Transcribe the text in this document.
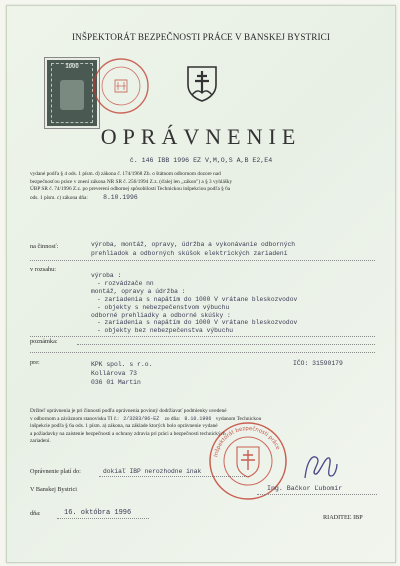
INŠPEKTORÁT BEZPEČNOSTI PRÁCE V BANSKEJ BYSTRICI
1000
OPRÁVNENIE
č. 146 IBB 1996 EZ V,M,O,S A,B E2,E4
vydané podľa § 4 ods. 1 písm. d) zákona č. 174/1968 Zb. o štátnom odbornom dozore nad
bezpečnosťou práce v znení zákona NR SR č. 256/1994 Z.z. (ďalej len „zákon") a § 3 vyhlášky
ÚBP SR č. 74/1996 Z.z. po preverení odbornej spôsobilosti Technickou inšpekciou podľa § 6a
ods. 1 písm. c) zákona dňa: 8.10.1996
na činnosť:	výroba, montáž, opravy, údržba a vykonávanie odborných
prehliadok a odborných skúšok elektrických zariadení
v rozsahu:
výroba :
- rozvádzače nn
montáž, opravy a údržba :
- zariadenia s napätím do 1000 V vrátane bleskozvodov
- objekty s nebezpečenstvom výbuchu
odborné prehliadky a odborné skúšky :
- zariadenia s napätím do 1000 V vrátane bleskozvodov
- objekty bez nebezpečenstva výbuchu
poznámka:
pre:	KPK spol. s r.o.
Kollárova 73
036 01 Martin
IČO: 31590179
Držiteľ oprávnenia je pri činnosti podľa oprávnenia povinný dodržiavať podmienky uvedené
v odbornom a záväznom stanovisku TI č.: 2/3283/96-EZ zo dňa: 8.10.1996 vydanom Technickou
inšpekcie podľa § 6a ods. 1 písm. a) zákona, na základe ktorých bolo oprávnenie vydané
a požiadavky na zaistenie bezpečnosti a ochrany zdravia pri práci a bezpečnosti technických
zariadení.
Oprávnenie platí do:	dokiaľ IBP nerozhodne inak
V Banskej Bystrici
Inšpektorát bezpečnosti práce
dňa:	16. októbra 1996
Ing. Bačkor Ľubomír
RIADITEĽ IBP
